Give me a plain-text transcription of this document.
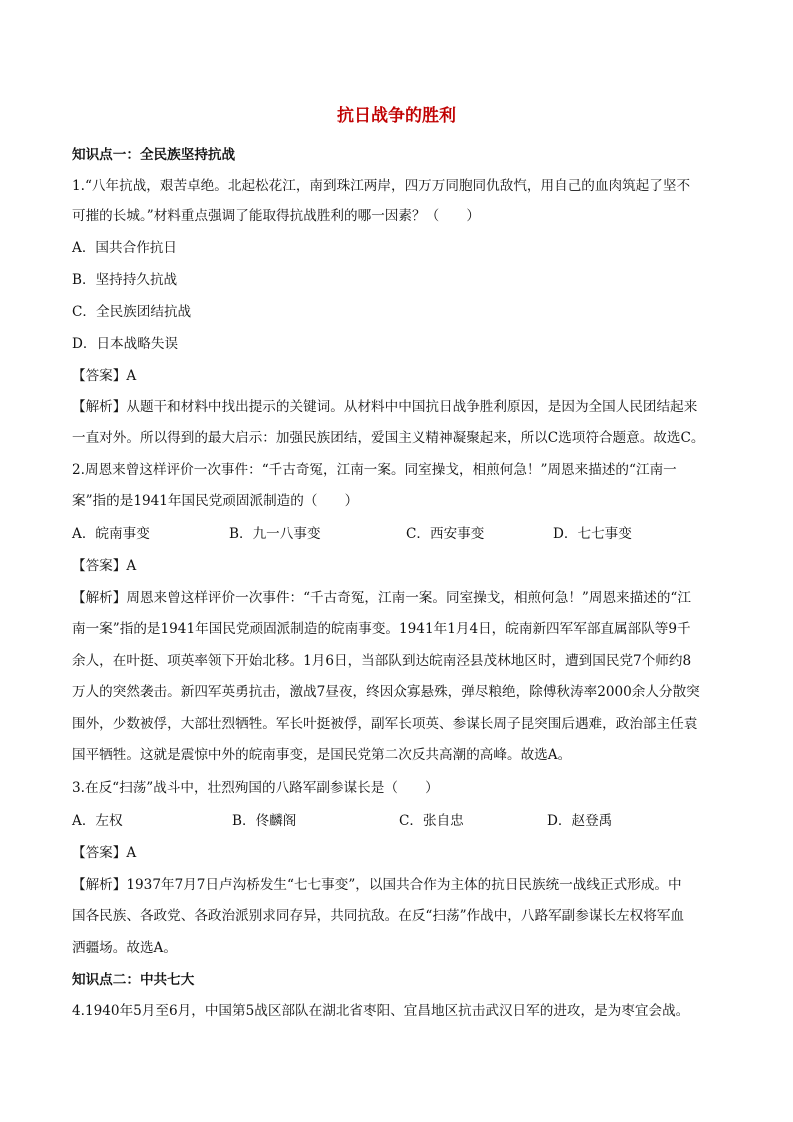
抗日战争的胜利
知识点一：全民族坚持抗战
1.“八年抗战，艰苦卓绝。北起松花江，南到珠江两岸，四万万同胞同仇敌忾，用自己的血肉筑起了坚不
可摧的长城。”材料重点强调了能取得抗战胜利的哪一因素？（　　）
A．国共合作抗日
B．坚持持久抗战
C．全民族团结抗战
D．日本战略失误
【答案】A
【解析】从题干和材料中找出提示的关键词。从材料中中国抗日战争胜利原因，是因为全国人民团结起来
一直对外。所以得到的最大启示：加强民族团结，爱国主义精神凝聚起来，所以C选项符合题意。故选C。
2.周恩来曾这样评价一次事件：“千古奇冤，江南一案。同室操戈，相煎何急！”周恩来描述的“江南一
案”指的是1941年国民党顽固派制造的（　　）
A．皖南事变	B．九一八事变	C．西安事变	D．七七事变
【答案】A
【解析】周恩来曾这样评价一次事件：“千古奇冤，江南一案。同室操戈，相煎何急！”周恩来描述的“江
南一案”指的是1941年国民党顽固派制造的皖南事变。1941年1月4日，皖南新四军军部直属部队等9千
余人，在叶挺、项英率领下开始北移。1月6日，当部队到达皖南泾县茂林地区时，遭到国民党7个师约8
万人的突然袭击。新四军英勇抗击，激战7昼夜，终因众寡悬殊，弹尽粮绝，除傅秋涛率2000余人分散突
围外，少数被俘，大部壮烈牺牲。军长叶挺被俘，副军长项英、参谋长周子昆突围后遇难，政治部主任袁
国平牺牲。这就是震惊中外的皖南事变，是国民党第二次反共高潮的高峰。故选A。
3.在反“扫荡”战斗中，壮烈殉国的八路军副参谋长是（　　）
A．左权	B．佟麟阁	C．张自忠	D．赵登禹
【答案】A
【解析】1937年7月7日卢沟桥发生“七七事变”，以国共合作为主体的抗日民族统一战线正式形成。中
国各民族、各政党、各政治派别求同存异，共同抗敌。在反“扫荡”作战中，八路军副参谋长左权将军血
洒疆场。故选A。
知识点二：中共七大
4.1940年5月至6月，中国第5战区部队在湖北省枣阳、宜昌地区抗击武汉日军的进攻，是为枣宜会战。
